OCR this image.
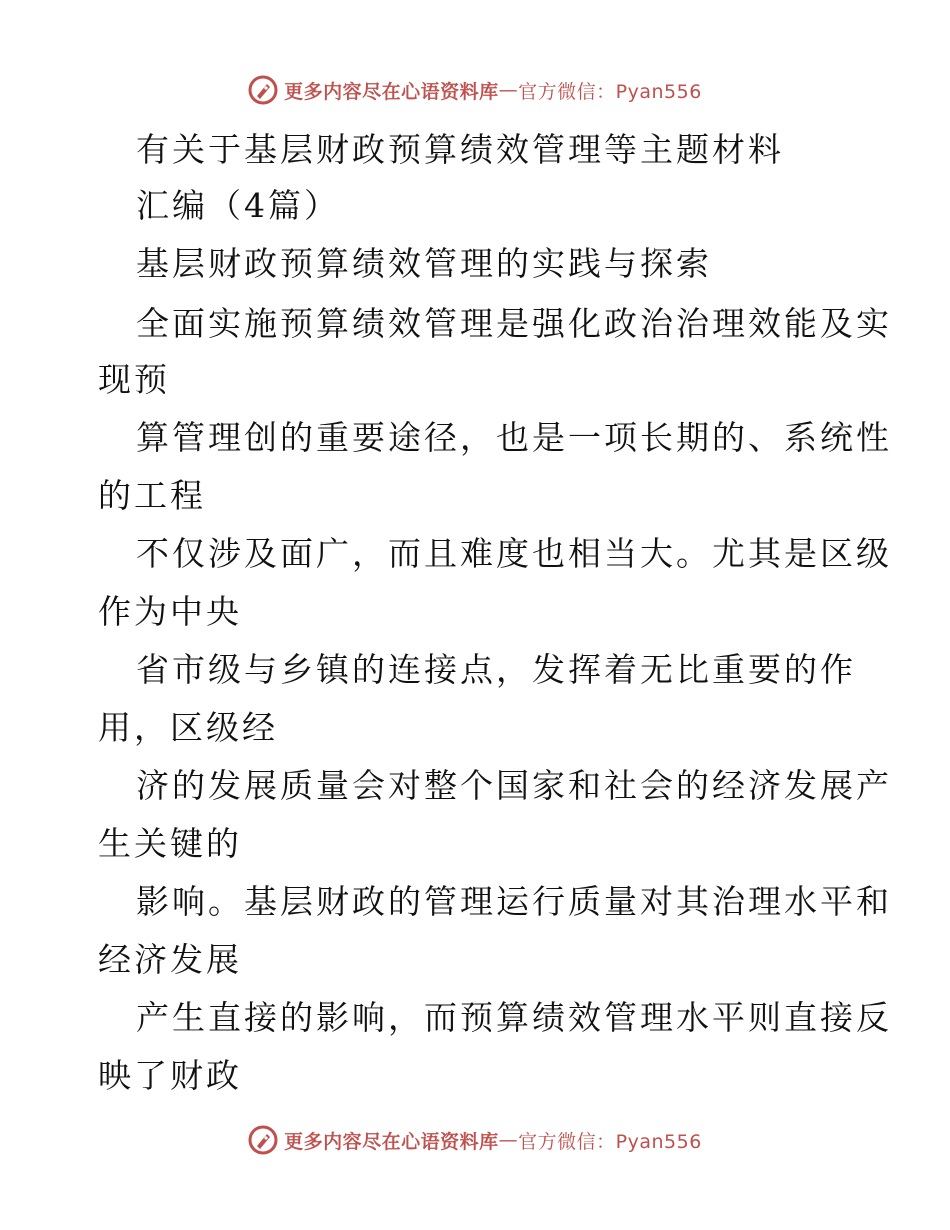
更多内容尽在心语资料库 — 官方微信：Pyan556
有关于基层财政预算绩效管理等主题材料
汇编（4篇）
基层财政预算绩效管理的实践与探索
全面实施预算绩效管理是强化政治治理效能及实
现预
算管理创的重要途径，也是一项长期的、系统性
的工程
不仅涉及面广，而且难度也相当大。尤其是区级
作为中央
省市级与乡镇的连接点，发挥着无比重要的作
用，区级经
济的发展质量会对整个国家和社会的经济发展产
生关键的
影响。基层财政的管理运行质量对其治理水平和
经济发展
产生直接的影响，而预算绩效管理水平则直接反
映了财政
更多内容尽在心语资料库 — 官方微信：Pyan556
